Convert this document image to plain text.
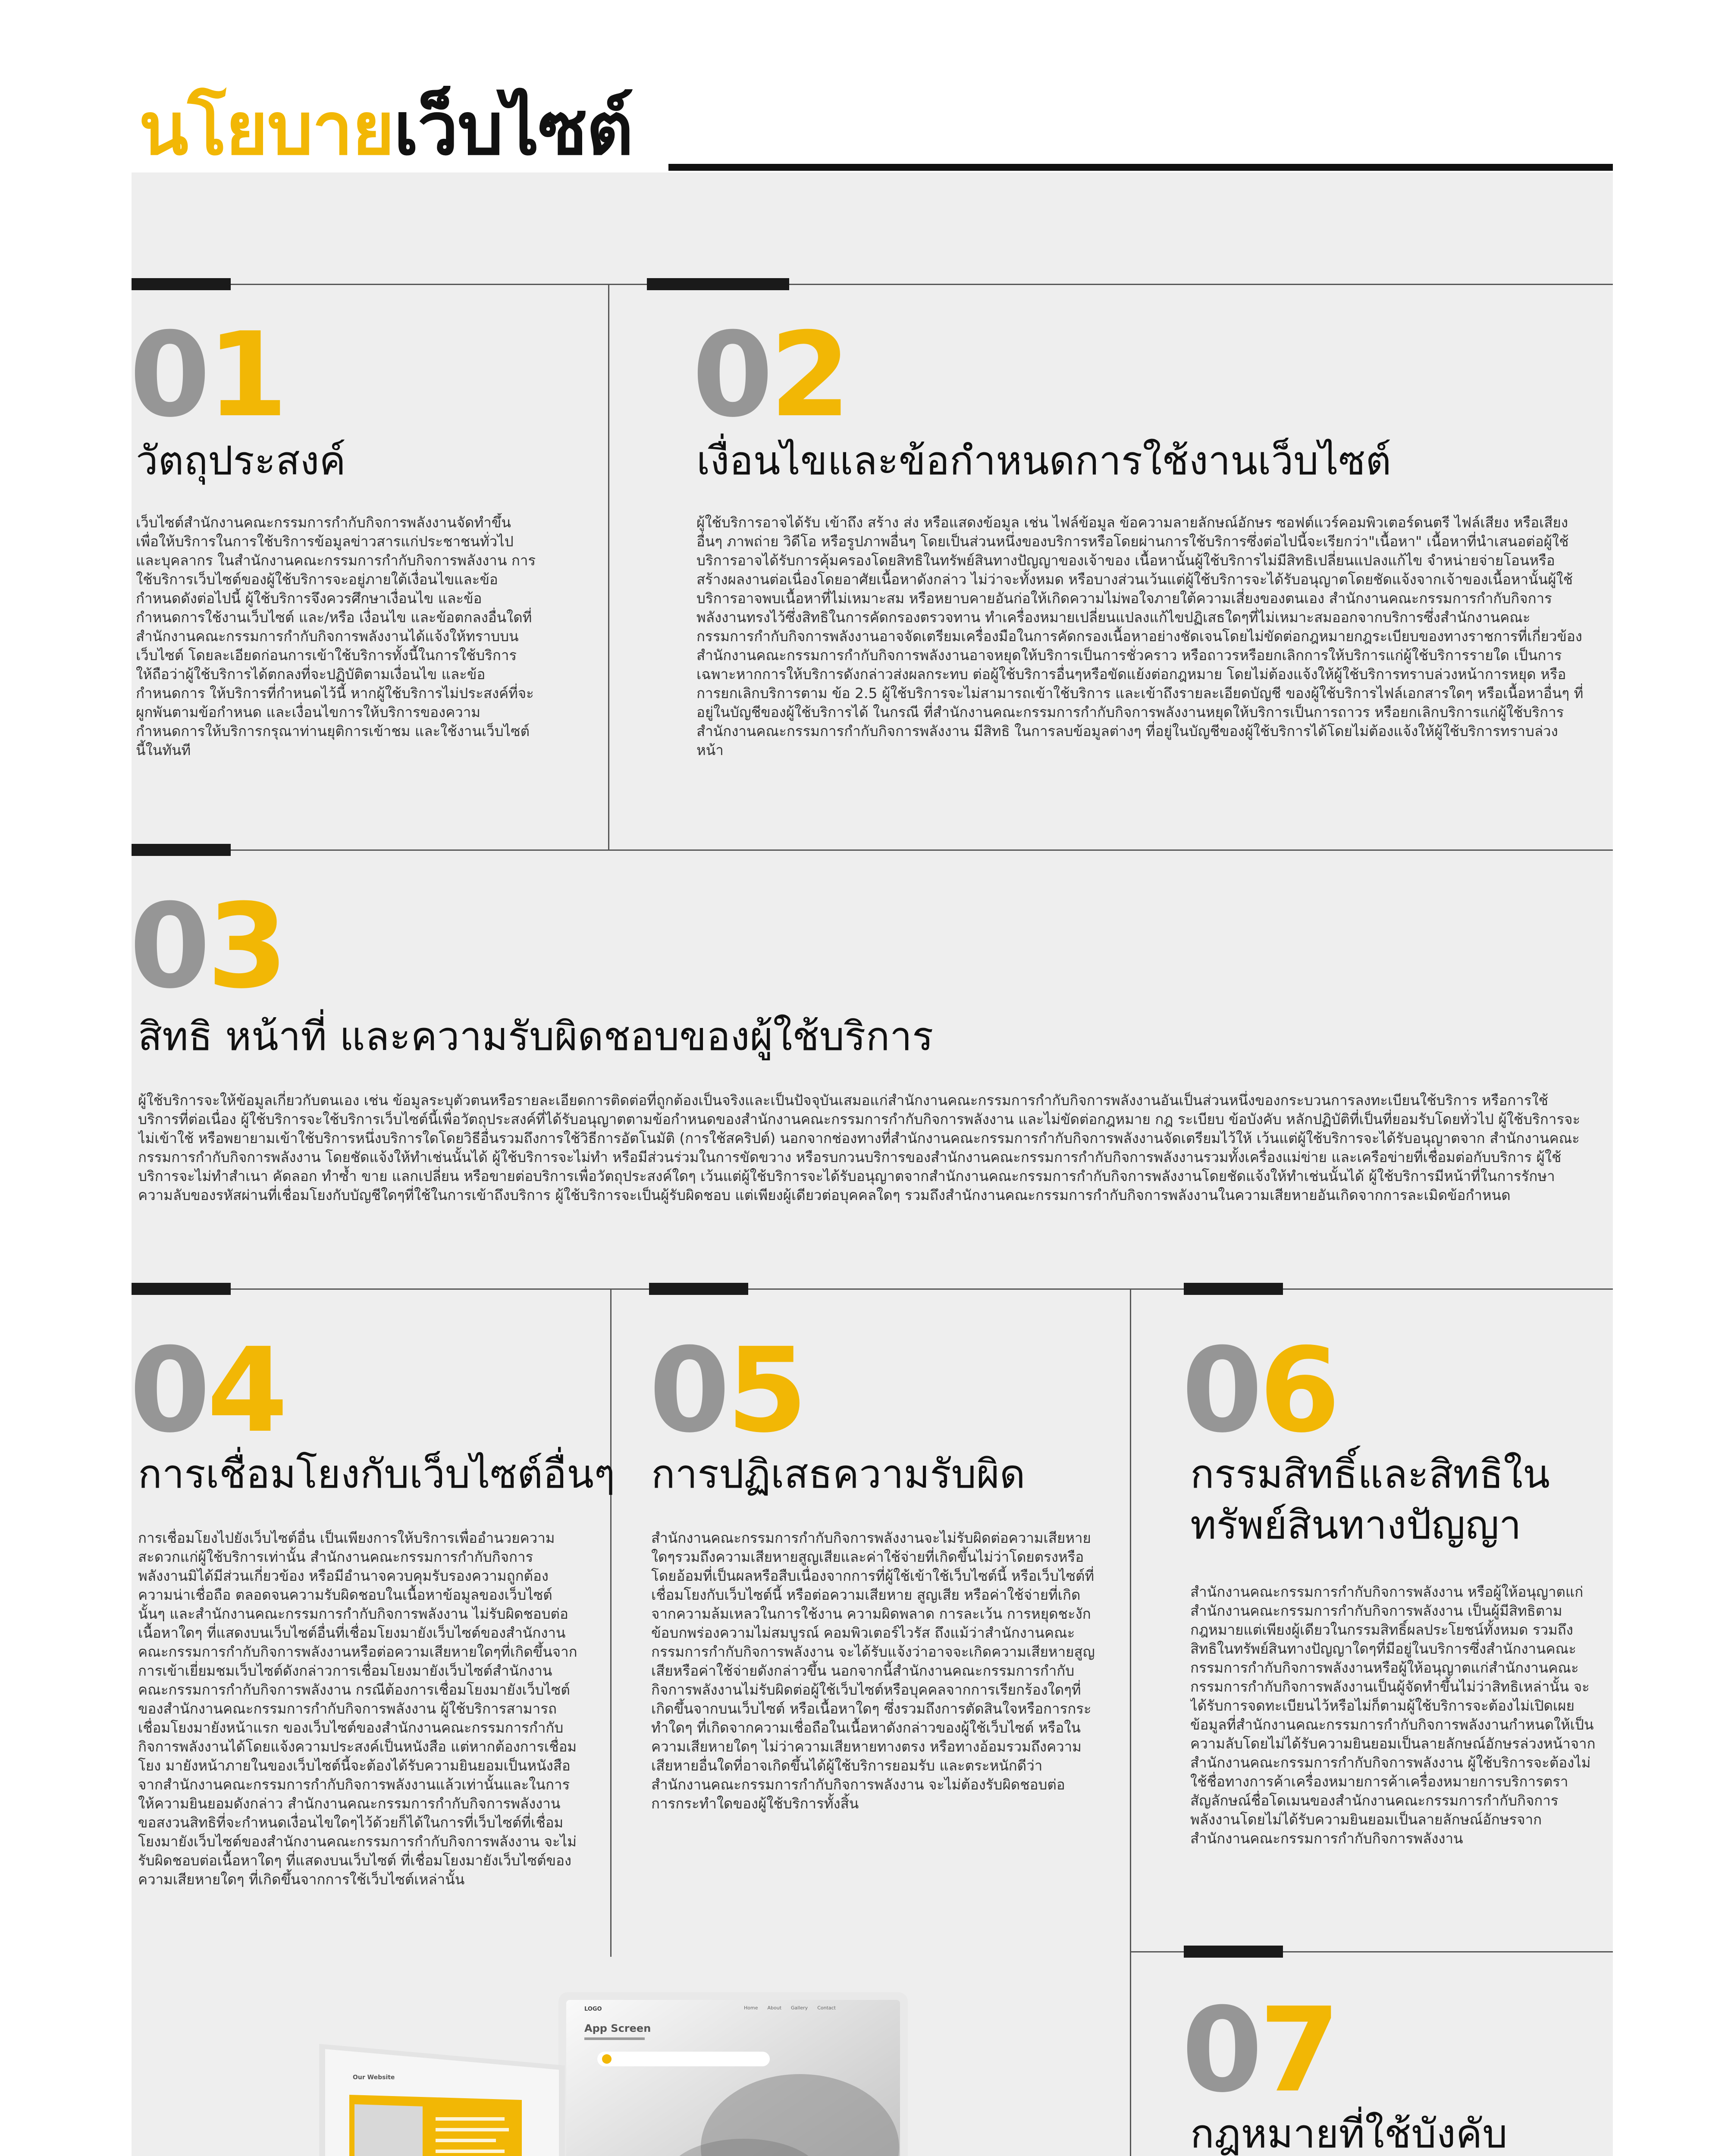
นโยบายเว็บไซต์
01
วัตถุประสงค์
เว็บไซต์สำนักงานคณะกรรมการกำกับกิจการพลังงานจัดทำขึ้น เพื่อให้บริการในการใช้บริการข้อมูลข่าวสารแก่ประชาชนทั่วไป และบุคลากร ในสำนักงานคณะกรรมการกำกับกิจการพลังงาน การใช้บริการเว็บไซต์ของผู้ใช้บริการจะอยู่ภายใต้เงื่อนไขและข้อกำหนดดังต่อไปนี้ ผู้ใช้บริการจึงควรศึกษาเงื่อนไข และข้อกำหนดการใช้งานเว็บไซต์ และ/หรือ เงื่อนไข และข้อตกลงอื่นใดที่สำนักงานคณะกรรมการกำกับกิจการพลังงานได้แจ้งให้ทราบบนเว็บไซต์ โดยละเอียดก่อนการเข้าใช้บริการทั้งนี้ในการใช้บริการ ให้ถือว่าผู้ใช้บริการได้ตกลงที่จะปฏิบัติตามเงื่อนไข และข้อกำหนดการ ให้บริการที่กำหนดไว้นี้ หากผู้ใช้บริการไม่ประสงค์ที่จะผูกพันตามข้อกำหนด และเงื่อนไขการให้บริการของความกำหนดการให้บริการกรุณาท่านยุติการเข้าชม และใช้งานเว็บไซต์นี้ในทันที
02
เงื่อนไขและข้อกำหนดการใช้งานเว็บไซต์
ผู้ใช้บริการอาจได้รับ เข้าถึง สร้าง ส่ง หรือแสดงข้อมูล เช่น ไฟล์ข้อมูล ข้อความลายลักษณ์อักษร ซอฟต์แวร์คอมพิวเตอร์ดนตรี ไฟล์เสียง หรือเสียง อื่นๆ ภาพถ่าย วิดีโอ หรือรูปภาพอื่นๆ โดยเป็นส่วนหนึ่งของบริการหรือโดยผ่านการใช้บริการซึ่งต่อไปนี้จะเรียกว่า"เนื้อหา" เนื้อหาที่นำเสนอต่อผู้ใช้บริการอาจได้รับการคุ้มครองโดยสิทธิในทรัพย์สินทางปัญญาของเจ้าของ เนื้อหานั้นผู้ใช้บริการไม่มีสิทธิเปลี่ยนแปลงแก้ไข จำหน่ายจ่ายโอนหรือสร้างผลงานต่อเนื่องโดยอาศัยเนื้อหาดังกล่าว ไม่ว่าจะทั้งหมด หรือบางส่วนเว้นแต่ผู้ใช้บริการจะได้รับอนุญาตโดยชัดแจ้งจากเจ้าของเนื้อหานั้นผู้ใช้บริการอาจพบเนื้อหาที่ไม่เหมาะสม หรือหยาบคายอันก่อให้เกิดความไม่พอใจภายใต้ความเสี่ยงของตนเอง สำนักงานคณะกรรมการกำกับกิจการพลังงานทรงไว้ซึ่งสิทธิในการคัดกรองตรวจทาน ทำเครื่องหมายเปลี่ยนแปลงแก้ไขปฏิเสธใดๆที่ไม่เหมาะสมออกจากบริการซึ่งสำนักงานคณะกรรมการกำกับกิจการพลังงานอาจจัดเตรียมเครื่องมือในการคัดกรองเนื้อหาอย่างชัดเจนโดยไม่ขัดต่อกฎหมายกฎระเบียบของทางราชการที่เกี่ยวข้อง สำนักงานคณะกรรมการกำกับกิจการพลังงานอาจหยุดให้บริการเป็นการชั่วคราว หรือถาวรหรือยกเลิกการให้บริการแก่ผู้ใช้บริการรายใด เป็นการเฉพาะหากการให้บริการดังกล่าวส่งผลกระทบ ต่อผู้ใช้บริการอื่นๆหรือขัดแย้งต่อกฎหมาย โดยไม่ต้องแจ้งให้ผู้ใช้บริการทราบล่วงหน้าการหยุด หรือการยกเลิกบริการตาม ข้อ 2.5 ผู้ใช้บริการจะไม่สามารถเข้าใช้บริการ และเข้าถึงรายละเอียดบัญชี ของผู้ใช้บริการไฟล์เอกสารใดๆ หรือเนื้อหาอื่นๆ ที่อยู่ในบัญชีของผู้ใช้บริการได้ ในกรณี ที่สำนักงานคณะกรรมการกำกับกิจการพลังงานหยุดให้บริการเป็นการถาวร หรือยกเลิกบริการแก่ผู้ใช้บริการสำนักงานคณะกรรมการกำกับกิจการพลังงาน มีสิทธิ ในการลบข้อมูลต่างๆ ที่อยู่ในบัญชีของผู้ใช้บริการได้โดยไม่ต้องแจ้งให้ผู้ใช้บริการทราบล่วงหน้า
03
สิทธิ หน้าที่ และความรับผิดชอบของผู้ใช้บริการ
ผู้ใช้บริการจะให้ข้อมูลเกี่ยวกับตนเอง เช่น ข้อมูลระบุตัวตนหรือรายละเอียดการติดต่อที่ถูกต้องเป็นจริงและเป็นปัจจุบันเสมอแก่สำนักงานคณะกรรมการกำกับกิจการพลังงานอันเป็นส่วนหนึ่งของกระบวนการลงทะเบียนใช้บริการ หรือการใช้บริการที่ต่อเนื่อง ผู้ใช้บริการจะใช้บริการเว็บไซต์นี้เพื่อวัตถุประสงค์ที่ได้รับอนุญาตตามข้อกำหนดของสำนักงานคณะกรรมการกำกับกิจการพลังงาน และไม่ขัดต่อกฎหมาย กฎ ระเบียบ ข้อบังคับ หลักปฏิบัติที่เป็นที่ยอมรับโดยทั่วไป ผู้ใช้บริการจะไม่เข้าใช้ หรือพยายามเข้าใช้บริการหนึ่งบริการใดโดยวิธีอื่นรวมถึงการใช้วิธีการอัตโนมัติ (การใช้สคริปต์) นอกจากช่องทางที่สำนักงานคณะกรรมการกำกับกิจการพลังงานจัดเตรียมไว้ให้ เว้นแต่ผู้ใช้บริการจะได้รับอนุญาตจาก สำนักงานคณะกรรมการกำกับกิจการพลังงาน โดยชัดแจ้งให้ทำเช่นนั้นได้ ผู้ใช้บริการจะไม่ทำ หรือมีส่วนร่วมในการขัดขวาง หรือรบกวนบริการของสำนักงานคณะกรรมการกำกับกิจการพลังงานรวมทั้งเครื่องแม่ข่าย และเครือข่ายที่เชื่อมต่อกับบริการ ผู้ใช้บริการจะไม่ทำสำเนา คัดลอก ทำซ้ำ ขาย แลกเปลี่ยน หรือขายต่อบริการเพื่อวัตถุประสงค์ใดๆ เว้นแต่ผู้ใช้บริการจะได้รับอนุญาตจากสำนักงานคณะกรรมการกำกับกิจการพลังงานโดยชัดแจ้งให้ทำเช่นนั้นได้ ผู้ใช้บริการมีหน้าที่ในการรักษาความลับของรหัสผ่านที่เชื่อมโยงกับบัญชีใดๆที่ใช้ในการเข้าถึงบริการ ผู้ใช้บริการจะเป็นผู้รับผิดชอบ แต่เพียงผู้เดียวต่อบุคคลใดๆ รวมถึงสำนักงานคณะกรรมการกำกับกิจการพลังงานในความเสียหายอันเกิดจากการละเมิดข้อกำหนด
04
การเชื่อมโยงกับเว็บไซต์อื่นๆ
การเชื่อมโยงไปยังเว็บไซต์อื่น เป็นเพียงการให้บริการเพื่ออำนวยความสะดวกแก่ผู้ใช้บริการเท่านั้น สำนักงานคณะกรรมการกำกับกิจการพลังงานมิได้มีส่วนเกี่ยวข้อง หรือมีอำนาจควบคุมรับรองความถูกต้อง ความน่าเชื่อถือ ตลอดจนความรับผิดชอบในเนื้อหาข้อมูลของเว็บไซต์นั้นๆ และสำนักงานคณะกรรมการกำกับกิจการพลังงาน ไม่รับผิดชอบต่อเนื้อหาใดๆ ที่แสดงบนเว็บไซต์อื่นที่เชื่อมโยงมายังเว็บไซต์ของสำนักงานคณะกรรมการกำกับกิจการพลังงานหรือต่อความเสียหายใดๆที่เกิดขึ้นจากการเข้าเยี่ยมชมเว็บไซต์ดังกล่าวการเชื่อมโยงมายังเว็บไซต์สำนักงานคณะกรรมการกำกับกิจการพลังงาน กรณีต้องการเชื่อมโยงมายังเว็บไซต์ของสำนักงานคณะกรรมการกำกับกิจการพลังงาน ผู้ใช้บริการสามารถเชื่อมโยงมายังหน้าแรก ของเว็บไซต์ของสำนักงานคณะกรรมการกำกับกิจการพลังงานได้โดยแจ้งความประสงค์เป็นหนังสือ แต่หากต้องการเชื่อมโยง มายังหน้าภายในของเว็บไซต์นี้จะต้องได้รับความยินยอมเป็นหนังสือจากสำนักงานคณะกรรมการกำกับกิจการพลังงานแล้วเท่านั้นและในการให้ความยินยอมดังกล่าว สำนักงานคณะกรรมการกำกับกิจการพลังงานขอสงวนสิทธิที่จะกำหนดเงื่อนไขใดๆไว้ด้วยก็ได้ในการที่เว็บไซต์ที่เชื่อมโยงมายังเว็บไซต์ของสำนักงานคณะกรรมการกำกับกิจการพลังงาน จะไม่รับผิดชอบต่อเนื้อหาใดๆ ที่แสดงบนเว็บไซต์ ที่เชื่อมโยงมายังเว็บไซต์ของความเสียหายใดๆ ที่เกิดขึ้นจากการใช้เว็บไซต์เหล่านั้น
05
การปฏิเสธความรับผิด
สำนักงานคณะกรรมการกำกับกิจการพลังงานจะไม่รับผิดต่อความเสียหายใดๆรวมถึงความเสียหายสูญเสียและค่าใช้จ่ายที่เกิดขึ้นไม่ว่าโดยตรงหรือโดยอ้อมที่เป็นผลหรือสืบเนื่องจากการที่ผู้ใช้เข้าใช้เว็บไซต์นี้ หรือเว็บไซต์ที่เชื่อมโยงกับเว็บไซต์นี้ หรือต่อความเสียหาย สูญเสีย หรือค่าใช้จ่ายที่เกิดจากความล้มเหลวในการใช้งาน ความผิดพลาด การละเว้น การหยุดชะงัก ข้อบกพร่องความไม่สมบูรณ์ คอมพิวเตอร์ไวรัส ถึงแม้ว่าสำนักงานคณะกรรมการกำกับกิจการพลังงาน จะได้รับแจ้งว่าอาจจะเกิดความเสียหายสูญเสียหรือค่าใช้จ่ายดังกล่าวขึ้น นอกจากนี้สำนักงานคณะกรรมการกำกับกิจการพลังงานไม่รับผิดต่อผู้ใช้เว็บไซต์หรือบุคคลจากการเรียกร้องใดๆที่เกิดขึ้นจากบนเว็บไซต์ หรือเนื้อหาใดๆ ซึ่งรวมถึงการตัดสินใจหรือการกระทำใดๆ ที่เกิดจากความเชื่อถือในเนื้อหาดังกล่าวของผู้ใช้เว็บไซต์ หรือในความเสียหายใดๆ ไม่ว่าความเสียหายทางตรง หรือทางอ้อมรวมถึงความเสียหายอื่นใดที่อาจเกิดขึ้นได้ผู้ใช้บริการยอมรับ และตระหนักดีว่า สำนักงานคณะกรรมการกำกับกิจการพลังงาน จะไม่ต้องรับผิดชอบต่อการกระทำใดของผู้ใช้บริการทั้งสิ้น
06
กรรมสิทธิ์และสิทธิในทรัพย์สินทางปัญญา
สำนักงานคณะกรรมการกำกับกิจการพลังงาน หรือผู้ให้อนุญาตแก่สำนักงานคณะกรรมการกำกับกิจการพลังงาน เป็นผู้มีสิทธิตามกฎหมายแต่เพียงผู้เดียวในกรรมสิทธิ์ผลประโยชน์ทั้งหมด รวมถึงสิทธิในทรัพย์สินทางปัญญาใดๆที่มีอยู่ในบริการซึ่งสำนักงานคณะกรรมการกำกับกิจการพลังงานหรือผู้ให้อนุญาตแก่สำนักงานคณะกรรมการกำกับกิจการพลังงานเป็นผู้จัดทำขึ้นไม่ว่าสิทธิเหล่านั้น จะได้รับการจดทะเบียนไว้หรือไม่ก็ตามผู้ใช้บริการจะต้องไม่เปิดเผยข้อมูลที่สำนักงานคณะกรรมการกำกับกิจการพลังงานกำหนดให้เป็นความลับโดยไม่ได้รับความยินยอมเป็นลายลักษณ์อักษรล่วงหน้าจากสำนักงานคณะกรรมการกำกับกิจการพลังงาน ผู้ใช้บริการจะต้องไม่ใช้ชื่อทางการค้าเครื่องหมายการค้าเครื่องหมายการบริการตราสัญลักษณ์ชื่อโดเมนของสำนักงานคณะกรรมการกำกับกิจการพลังงานโดยไม่ได้รับความยินยอมเป็นลายลักษณ์อักษรจากสำนักงานคณะกรรมการกำกับกิจการพลังงาน
07
กฎหมายที่ใช้บังคับ
LOGO	Home About Gallery Contact
App Screen
Our Website
